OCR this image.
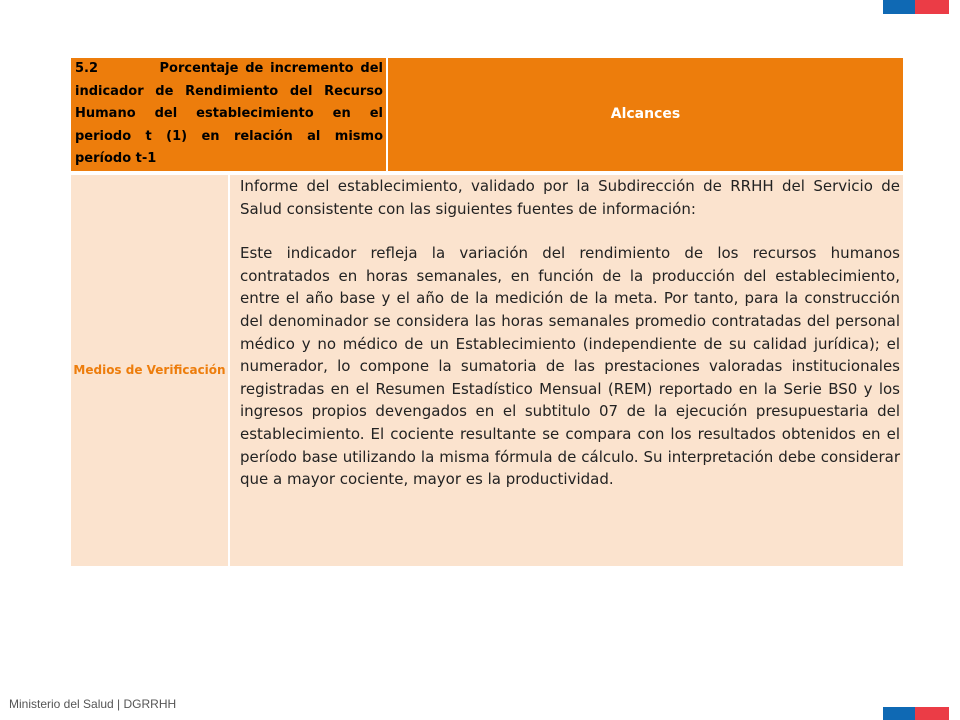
5.2         Porcentaje de incremento del indicador de Rendimiento del Recurso Humano del establecimiento en el periodo t (1) en relación al mismo período t-1		Alcances

Medios de Verificación	Informe del establecimiento, validado por la Subdirección de RRHH del Servicio de Salud consistente con las siguientes fuentes de información:

Este indicador refleja la variación del rendimiento de los recursos humanos contratados en horas semanales, en función de la producción del establecimiento, entre el año base y el año de la medición de la meta. Por tanto, para la construcción del denominador se considera las horas semanales promedio contratadas del personal médico y no médico de un Establecimiento (independiente de su calidad jurídica); el numerador, lo compone la sumatoria de las prestaciones valoradas institucionales registradas en el Resumen Estadístico Mensual (REM) reportado en la Serie BS0 y los ingresos propios devengados en el subtitulo 07 de la ejecución presupuestaria del establecimiento. El cociente resultante se compara con los resultados obtenidos en el período base utilizando la misma fórmula de cálculo. Su interpretación debe considerar que a mayor cociente, mayor es la productividad.	

Ministerio del Salud | DGRRHH
